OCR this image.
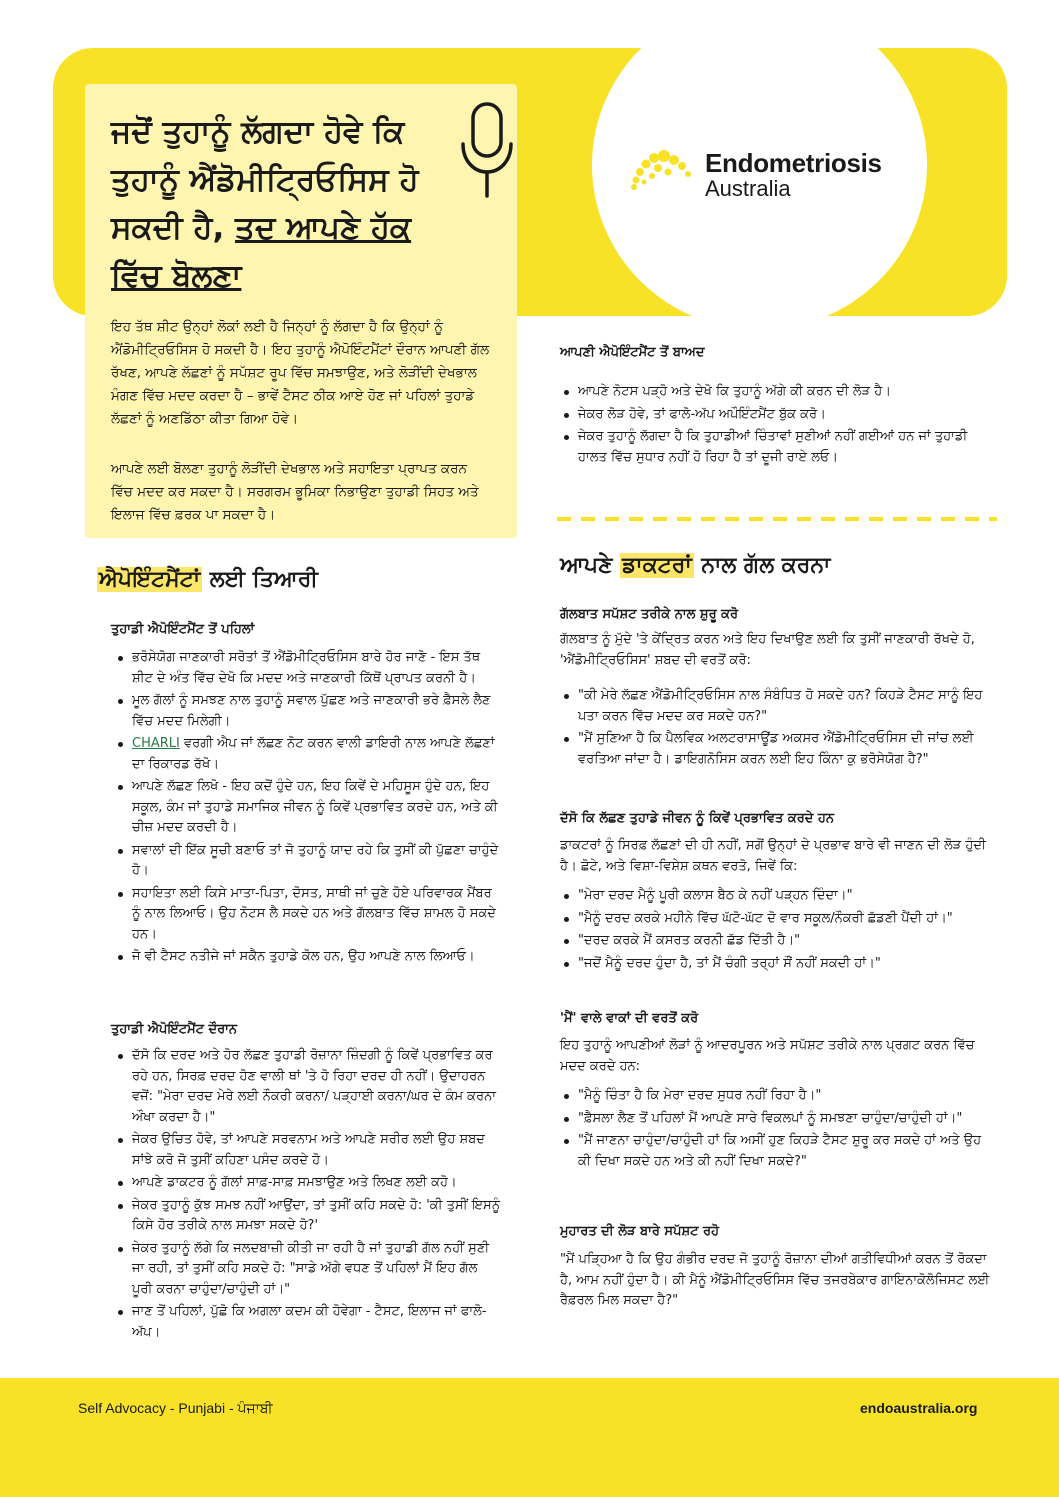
Endometriosis
Australia
ਜਦੋਂ ਤੁਹਾਨੂੰ ਲੱਗਦਾ ਹੋਵੇ ਕਿ ਤੁਹਾਨੂੰ ਐਂਡੋਮੀਟ੍ਰਿਓਸਿਸ ਹੋ ਸਕਦੀ ਹੈ, ਤਦ ਆਪਣੇ ਹੱਕ ਵਿੱਚ ਬੋਲਣਾ

ਇਹ ਤੱਥ ਸ਼ੀਟ ਉਨ੍ਹਾਂ ਲੋਕਾਂ ਲਈ ਹੈ ਜਿਨ੍ਹਾਂ ਨੂੰ ਲੱਗਦਾ ਹੈ ਕਿ ਉਨ੍ਹਾਂ ਨੂੰ ਐਂਡੋਮੀਟ੍ਰਿਓਸਿਸ ਹੋ ਸਕਦੀ ਹੈ। ਇਹ ਤੁਹਾਨੂੰ ਐਪੋਇੰਟਮੈਂਟਾਂ ਦੌਰਾਨ ਆਪਣੀ ਗੱਲ ਰੱਖਣ, ਆਪਣੇ ਲੱਛਣਾਂ ਨੂੰ ਸਪੱਸ਼ਟ ਰੂਪ ਵਿੱਚ ਸਮਝਾਉਣ, ਅਤੇ ਲੋੜੀਂਦੀ ਦੇਖਭਾਲ ਮੰਗਣ ਵਿੱਚ ਮਦਦ ਕਰਦਾ ਹੈ – ਭਾਵੇਂ ਟੈਸਟ ਠੀਕ ਆਏ ਹੋਣ ਜਾਂ ਪਹਿਲਾਂ ਤੁਹਾਡੇ ਲੱਛਣਾਂ ਨੂੰ ਅਣਡਿੱਠਾ ਕੀਤਾ ਗਿਆ ਹੋਵੇ।

ਆਪਣੇ ਲਈ ਬੋਲਣਾ ਤੁਹਾਨੂੰ ਲੋੜੀਂਦੀ ਦੇਖਭਾਲ ਅਤੇ ਸਹਾਇਤਾ ਪ੍ਰਾਪਤ ਕਰਨ ਵਿੱਚ ਮਦਦ ਕਰ ਸਕਦਾ ਹੈ। ਸਰਗਰਮ ਭੂਮਿਕਾ ਨਿਭਾਉਣਾ ਤੁਹਾਡੀ ਸਿਹਤ ਅਤੇ ਇਲਾਜ ਵਿੱਚ ਫ਼ਰਕ ਪਾ ਸਕਦਾ ਹੈ।

ਐਪੋਇੰਟਮੈਂਟਾਂ ਲਈ ਤਿਆਰੀ
ਤੁਹਾਡੀ ਐਪੋਇੰਟਮੈਂਟ ਤੋਂ ਪਹਿਲਾਂ
ਭਰੋਸੇਯੋਗ ਜਾਣਕਾਰੀ ਸਰੋਤਾਂ ਤੋਂ ਐਂਡੋਮੀਟ੍ਰਿਓਸਿਸ ਬਾਰੇ ਹੋਰ ਜਾਣੋ - ਇਸ ਤੱਥ ਸ਼ੀਟ ਦੇ ਅੰਤ ਵਿੱਚ ਦੇਖੋ ਕਿ ਮਦਦ ਅਤੇ ਜਾਣਕਾਰੀ ਕਿੱਥੋਂ ਪ੍ਰਾਪਤ ਕਰਨੀ ਹੈ।
ਮੂਲ ਗੱਲਾਂ ਨੂੰ ਸਮਝਣ ਨਾਲ ਤੁਹਾਨੂੰ ਸਵਾਲ ਪੁੱਛਣ ਅਤੇ ਜਾਣਕਾਰੀ ਭਰੇ ਫ਼ੈਸਲੇ ਲੈਣ ਵਿੱਚ ਮਦਦ ਮਿਲੇਗੀ।
CHARLI ਵਰਗੀ ਐਪ ਜਾਂ ਲੱਛਣ ਨੋਟ ਕਰਨ ਵਾਲੀ ਡਾਇਰੀ ਨਾਲ ਆਪਣੇ ਲੱਛਣਾਂ ਦਾ ਰਿਕਾਰਡ ਰੱਖੋ।
ਆਪਣੇ ਲੱਛਣ ਲਿਖੋ - ਇਹ ਕਦੋਂ ਹੁੰਦੇ ਹਨ, ਇਹ ਕਿਵੇਂ ਦੇ ਮਹਿਸੂਸ ਹੁੰਦੇ ਹਨ, ਇਹ ਸਕੂਲ, ਕੰਮ ਜਾਂ ਤੁਹਾਡੇ ਸਮਾਜਿਕ ਜੀਵਨ ਨੂੰ ਕਿਵੇਂ ਪ੍ਰਭਾਵਿਤ ਕਰਦੇ ਹਨ, ਅਤੇ ਕੀ ਚੀਜ਼ ਮਦਦ ਕਰਦੀ ਹੈ।
ਸਵਾਲਾਂ ਦੀ ਇੱਕ ਸੂਚੀ ਬਣਾਓ ਤਾਂ ਜੋ ਤੁਹਾਨੂੰ ਯਾਦ ਰਹੇ ਕਿ ਤੁਸੀਂ ਕੀ ਪੁੱਛਣਾ ਚਾਹੁੰਦੇ ਹੋ।
ਸਹਾਇਤਾ ਲਈ ਕਿਸੇ ਮਾਤਾ-ਪਿਤਾ, ਦੋਸਤ, ਸਾਥੀ ਜਾਂ ਚੁਣੇ ਹੋਏ ਪਰਿਵਾਰਕ ਮੈਂਬਰ ਨੂੰ ਨਾਲ ਲਿਆਓ। ਉਹ ਨੋਟਸ ਲੈ ਸਕਦੇ ਹਨ ਅਤੇ ਗੱਲਬਾਤ ਵਿੱਚ ਸ਼ਾਮਲ ਹੋ ਸਕਦੇ ਹਨ।
ਜੋ ਵੀ ਟੈਸਟ ਨਤੀਜੇ ਜਾਂ ਸਕੈਨ ਤੁਹਾਡੇ ਕੋਲ ਹਨ, ਉਹ ਆਪਣੇ ਨਾਲ ਲਿਆਓ।
ਤੁਹਾਡੀ ਐਪੋਇੰਟਮੈਂਟ ਦੌਰਾਨ
ਦੱਸੋ ਕਿ ਦਰਦ ਅਤੇ ਹੋਰ ਲੱਛਣ ਤੁਹਾਡੀ ਰੋਜ਼ਾਨਾ ਜ਼ਿੰਦਗੀ ਨੂੰ ਕਿਵੇਂ ਪ੍ਰਭਾਵਿਤ ਕਰ ਰਹੇ ਹਨ, ਸਿਰਫ਼ ਦਰਦ ਹੋਣ ਵਾਲੀ ਥਾਂ 'ਤੇ ਹੋ ਰਿਹਾ ਦਰਦ ਹੀ ਨਹੀਂ। ਉਦਾਹਰਨ ਵਜੋਂ: "ਮੇਰਾ ਦਰਦ ਮੇਰੇ ਲਈ ਨੌਕਰੀ ਕਰਨਾ/ ਪੜ੍ਹਾਈ ਕਰਨਾ/ਘਰ ਦੇ ਕੰਮ ਕਰਨਾ ਔਖਾ ਕਰਦਾ ਹੈ।"
ਜੇਕਰ ਉਚਿਤ ਹੋਵੇ, ਤਾਂ ਆਪਣੇ ਸਰਵਨਾਮ ਅਤੇ ਆਪਣੇ ਸਰੀਰ ਲਈ ਉਹ ਸ਼ਬਦ ਸਾਂਝੇ ਕਰੋ ਜੋ ਤੁਸੀਂ ਕਹਿਣਾ ਪਸੰਦ ਕਰਦੇ ਹੋ।
ਆਪਣੇ ਡਾਕਟਰ ਨੂੰ ਗੱਲਾਂ ਸਾਫ਼-ਸਾਫ਼ ਸਮਝਾਉਣ ਅਤੇ ਲਿਖਣ ਲਈ ਕਹੋ।
ਜੇਕਰ ਤੁਹਾਨੂੰ ਕੁੱਝ ਸਮਝ ਨਹੀਂ ਆਉਂਦਾ, ਤਾਂ ਤੁਸੀਂ ਕਹਿ ਸਕਦੇ ਹੋ: 'ਕੀ ਤੁਸੀਂ ਇਸਨੂੰ ਕਿਸੇ ਹੋਰ ਤਰੀਕੇ ਨਾਲ ਸਮਝਾ ਸਕਦੇ ਹੋ?'
ਜੇਕਰ ਤੁਹਾਨੂੰ ਲੱਗੇ ਕਿ ਜਲਦਬਾਜ਼ੀ ਕੀਤੀ ਜਾ ਰਹੀ ਹੈ ਜਾਂ ਤੁਹਾਡੀ ਗੱਲ ਨਹੀਂ ਸੁਣੀ ਜਾ ਰਹੀ, ਤਾਂ ਤੁਸੀਂ ਕਹਿ ਸਕਦੇ ਹੋ: "ਸਾਡੇ ਅੱਗੇ ਵਧਣ ਤੋਂ ਪਹਿਲਾਂ ਮੈਂ ਇਹ ਗੱਲ ਪੂਰੀ ਕਰਨਾ ਚਾਹੁੰਦਾ/ਚਾਹੁੰਦੀ ਹਾਂ।"
ਜਾਣ ਤੋਂ ਪਹਿਲਾਂ, ਪੁੱਛੋ ਕਿ ਅਗਲਾ ਕਦਮ ਕੀ ਹੋਵੇਗਾ - ਟੈਸਟ, ਇਲਾਜ ਜਾਂ ਫਾਲੋ-ਅੱਪ।
ਆਪਣੀ ਐਪੋਇੰਟਮੈਂਟ ਤੋਂ ਬਾਅਦ
ਆਪਣੇ ਨੋਟਸ ਪੜ੍ਹੋ ਅਤੇ ਦੇਖੋ ਕਿ ਤੁਹਾਨੂੰ ਅੱਗੇ ਕੀ ਕਰਨ ਦੀ ਲੋੜ ਹੈ।
ਜੇਕਰ ਲੋੜ ਹੋਵੇ, ਤਾਂ ਫਾਲੋ-ਅੱਪ ਅਪੌਇੰਟਮੈਂਟ ਬੁੱਕ ਕਰੋ।
ਜੇਕਰ ਤੁਹਾਨੂੰ ਲੱਗਦਾ ਹੈ ਕਿ ਤੁਹਾਡੀਆਂ ਚਿੰਤਾਵਾਂ ਸੁਣੀਆਂ ਨਹੀਂ ਗਈਆਂ ਹਨ ਜਾਂ ਤੁਹਾਡੀ ਹਾਲਤ ਵਿੱਚ ਸੁਧਾਰ ਨਹੀਂ ਹੋ ਰਿਹਾ ਹੈ ਤਾਂ ਦੂਜੀ ਰਾਏ ਲਓ।
ਆਪਣੇ ਡਾਕਟਰਾਂ ਨਾਲ ਗੱਲ ਕਰਨਾ
ਗੱਲਬਾਤ ਸਪੱਸ਼ਟ ਤਰੀਕੇ ਨਾਲ ਸ਼ੁਰੂ ਕਰੋ

ਗੱਲਬਾਤ ਨੂੰ ਮੁੱਦੇ 'ਤੇ ਕੇਂਦ੍ਰਿਤ ਕਰਨ ਅਤੇ ਇਹ ਦਿਖਾਉਣ ਲਈ ਕਿ ਤੁਸੀਂ ਜਾਣਕਾਰੀ ਰੱਖਦੇ ਹੋ, 'ਐਂਡੋਮੀਟ੍ਰਿਓਸਿਸ' ਸ਼ਬਦ ਦੀ ਵਰਤੋਂ ਕਰੋ:

"ਕੀ ਮੇਰੇ ਲੱਛਣ ਐਂਡੋਮੀਟ੍ਰਿਓਸਿਸ ਨਾਲ ਸੰਬੰਧਿਤ ਹੋ ਸਕਦੇ ਹਨ? ਕਿਹੜੇ ਟੈਸਟ ਸਾਨੂੰ ਇਹ ਪਤਾ ਕਰਨ ਵਿੱਚ ਮਦਦ ਕਰ ਸਕਦੇ ਹਨ?"
"ਮੈਂ ਸੁਣਿਆ ਹੈ ਕਿ ਪੈਲਵਿਕ ਅਲਟਰਾਸਾਊਂਡ ਅਕਸਰ ਐਂਡੋਮੀਟ੍ਰਿਓਸਿਸ ਦੀ ਜਾਂਚ ਲਈ ਵਰਤਿਆ ਜਾਂਦਾ ਹੈ। ਡਾਇਗਨੋਸਿਸ ਕਰਨ ਲਈ ਇਹ ਕਿੰਨਾ ਕੁ ਭਰੋਸੇਯੋਗ ਹੈ?"
ਦੱਸੋ ਕਿ ਲੱਛਣ ਤੁਹਾਡੇ ਜੀਵਨ ਨੂੰ ਕਿਵੇਂ ਪ੍ਰਭਾਵਿਤ ਕਰਦੇ ਹਨ

ਡਾਕਟਰਾਂ ਨੂੰ ਸਿਰਫ਼ ਲੱਛਣਾਂ ਦੀ ਹੀ ਨਹੀਂ, ਸਗੋਂ ਉਨ੍ਹਾਂ ਦੇ ਪ੍ਰਭਾਵ ਬਾਰੇ ਵੀ ਜਾਣਨ ਦੀ ਲੋੜ ਹੁੰਦੀ ਹੈ। ਛੋਟੇ, ਅਤੇ ਵਿਸ਼ਾ-ਵਿਸ਼ੇਸ਼ ਕਥਨ ਵਰਤੋ, ਜਿਵੇਂ ਕਿ:

"ਮੇਰਾ ਦਰਦ ਮੈਨੂੰ ਪੂਰੀ ਕਲਾਸ ਬੈਠ ਕੇ ਨਹੀਂ ਪੜ੍ਹਨ ਦਿੰਦਾ।"
"ਮੈਨੂੰ ਦਰਦ ਕਰਕੇ ਮਹੀਨੇ ਵਿੱਚ ਘੱਟੋ-ਘੱਟ ਦੋ ਵਾਰ ਸਕੂਲ/ਨੌਕਰੀ ਛੱਡਣੀ ਪੈਂਦੀ ਹਾਂ।"
"ਦਰਦ ਕਰਕੇ ਮੈਂ ਕਸਰਤ ਕਰਨੀ ਛੱਡ ਦਿੱਤੀ ਹੈ।"
"ਜਦੋਂ ਮੈਨੂੰ ਦਰਦ ਹੁੰਦਾ ਹੈ, ਤਾਂ ਮੈਂ ਚੰਗੀ ਤਰ੍ਹਾਂ ਸੌਂ ਨਹੀਂ ਸਕਦੀ ਹਾਂ।"
'ਮੈਂ' ਵਾਲੇ ਵਾਕਾਂ ਦੀ ਵਰਤੋਂ ਕਰੋ

ਇਹ ਤੁਹਾਨੂੰ ਆਪਣੀਆਂ ਲੋੜਾਂ ਨੂੰ ਆਦਰਪੂਰਨ ਅਤੇ ਸਪੱਸ਼ਟ ਤਰੀਕੇ ਨਾਲ ਪ੍ਰਗਟ ਕਰਨ ਵਿੱਚ ਮਦਦ ਕਰਦੇ ਹਨ:

"ਮੈਨੂੰ ਚਿੰਤਾ ਹੈ ਕਿ ਮੇਰਾ ਦਰਦ ਸੁਧਰ ਨਹੀਂ ਰਿਹਾ ਹੈ।"
"ਫ਼ੈਸਲਾ ਲੈਣ ਤੋਂ ਪਹਿਲਾਂ ਮੈਂ ਆਪਣੇ ਸਾਰੇ ਵਿਕਲਪਾਂ ਨੂੰ ਸਮਝਣਾ ਚਾਹੁੰਦਾ/ਚਾਹੁੰਦੀ ਹਾਂ।"
"ਮੈਂ ਜਾਣਨਾ ਚਾਹੁੰਦਾ/ਚਾਹੁੰਦੀ ਹਾਂ ਕਿ ਅਸੀਂ ਹੁਣ ਕਿਹੜੇ ਟੈਸਟ ਸ਼ੁਰੂ ਕਰ ਸਕਦੇ ਹਾਂ ਅਤੇ ਉਹ ਕੀ ਦਿਖਾ ਸਕਦੇ ਹਨ ਅਤੇ ਕੀ ਨਹੀਂ ਦਿਖਾ ਸਕਦੇ?"
ਮੁਹਾਰਤ ਦੀ ਲੋੜ ਬਾਰੇ ਸਪੱਸ਼ਟ ਰਹੋ

"ਮੈਂ ਪੜ੍ਹਿਆ ਹੈ ਕਿ ਉਹ ਗੰਭੀਰ ਦਰਦ ਜੋ ਤੁਹਾਨੂੰ ਰੋਜ਼ਾਨਾ ਦੀਆਂ ਗਤੀਵਿਧੀਆਂ ਕਰਨ ਤੋਂ ਰੋਕਦਾ ਹੈ, ਆਮ ਨਹੀਂ ਹੁੰਦਾ ਹੈ। ਕੀ ਮੈਨੂੰ ਐਂਡੋਮੀਟ੍ਰਿਓਸਿਸ ਵਿੱਚ ਤਜਰਬੇਕਾਰ ਗਾਇਨਾਕੋਲੋਜਿਸਟ ਲਈ ਰੈਫ਼ਰਲ ਮਿਲ ਸਕਦਾ ਹੈ?"

Self Advocacy - Punjabi - ਪੰਜਾਬੀ	endoaustralia.org
